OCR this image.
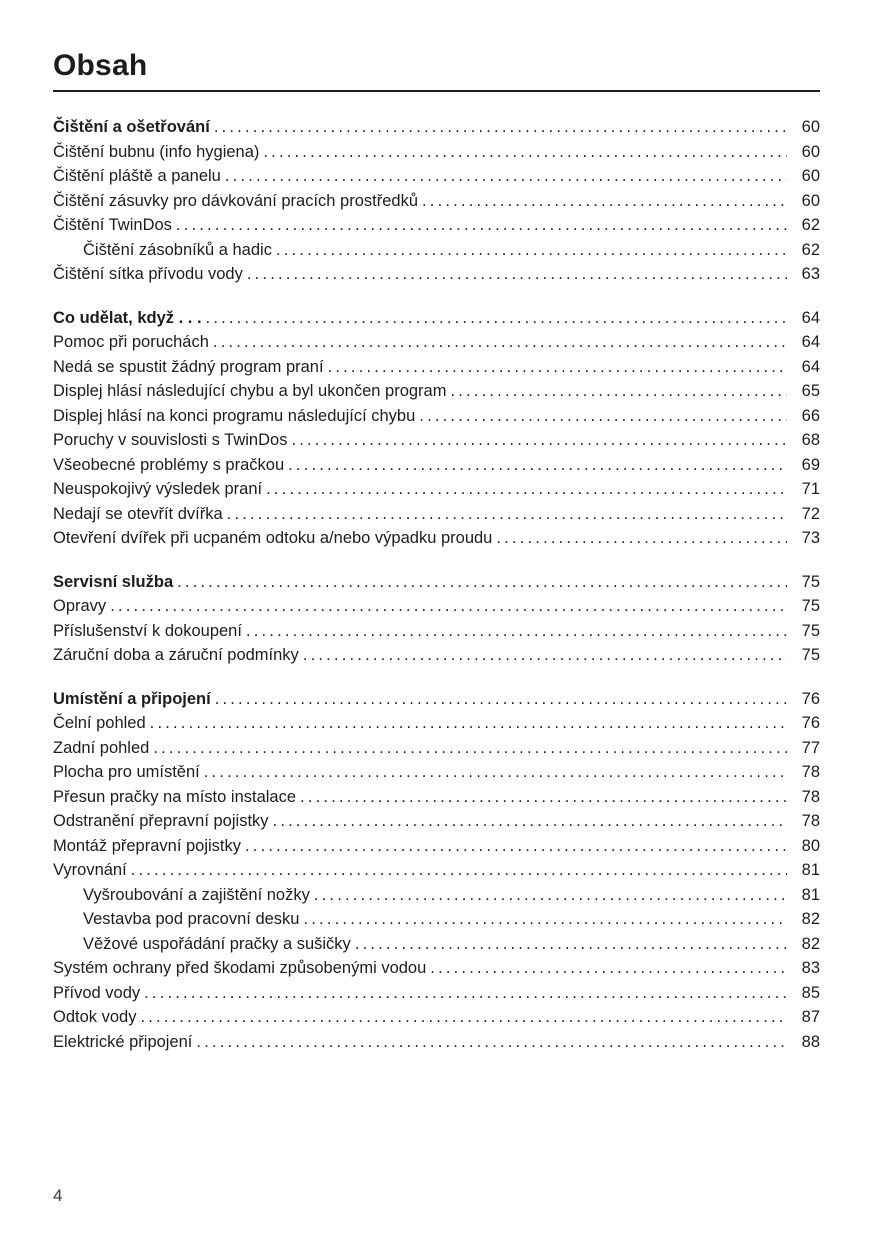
Obsah
Čištění a ošetřování .....	60
Čištění bubnu (info hygiena) .....	60
Čištění pláště a panelu .....	60
Čištění zásuvky pro dávkování pracích prostředků .....	60
Čištění TwinDos .....	62
Čištění zásobníků a hadic .....	62
Čištění sítka přívodu vody .....	63
Co udělat, když . . . .....	64
Pomoc při poruchách .....	64
Nedá se spustit žádný program praní .....	64
Displej hlásí následující chybu a byl ukončen program .....	65
Displej hlásí na konci programu následující chybu .....	66
Poruchy v souvislosti s TwinDos .....	68
Všeobecné problémy s pračkou .....	69
Neuspokojivý výsledek praní .....	71
Nedají se otevřít dvířka .....	72
Otevření dvířek při ucpaném odtoku a/nebo výpadku proudu .....	73
Servisní služba .....	75
Opravy .....	75
Příslušenství k dokoupení .....	75
Záruční doba a záruční podmínky .....	75
Umístění a připojení .....	76
Čelní pohled .....	76
Zadní pohled .....	77
Plocha pro umístění .....	78
Přesun pračky na místo instalace .....	78
Odstranění přepravní pojistky .....	78
Montáž přepravní pojistky .....	80
Vyrovnání .....	81
Vyšroubování a zajištění nožky .....	81
Vestavba pod pracovní desku .....	82
Věžové uspořádání pračky a sušičky .....	82
Systém ochrany před škodami způsobenými vodou .....	83
Přívod vody .....	85
Odtok vody .....	87
Elektrické připojení .....	88
4
